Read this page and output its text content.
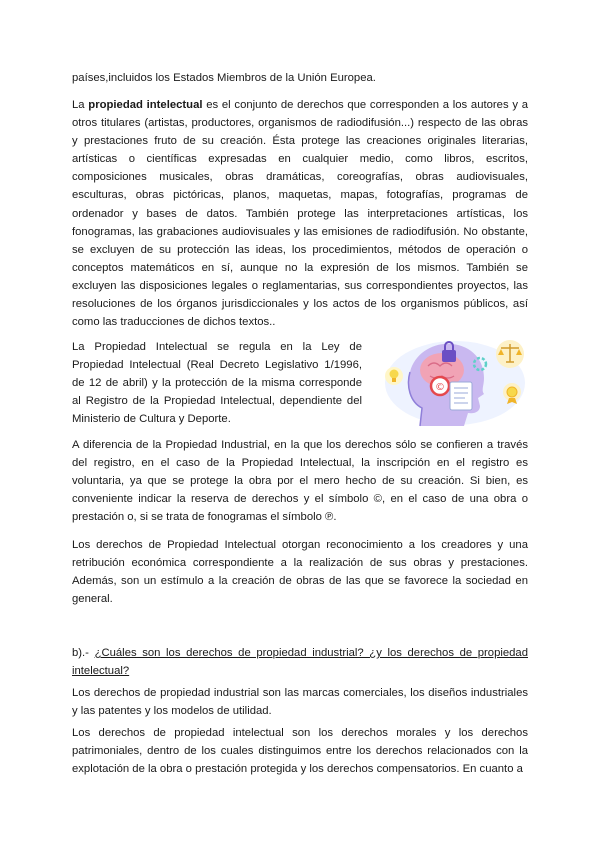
países,incluidos los Estados Miembros de la Unión Europea.

La propiedad intelectual es el conjunto de derechos que corresponden a los autores y a otros titulares (artistas, productores, organismos de radiodifusión...) respecto de las obras y prestaciones fruto de su creación. Ésta protege las creaciones originales literarias, artísticas o científicas expresadas en cualquier medio, como libros, escritos, composiciones musicales, obras dramáticas, coreografías, obras audiovisuales, esculturas, obras pictóricas, planos, maquetas, mapas, fotografías, programas de ordenador y bases de datos. También protege las interpretaciones artísticas, los fonogramas, las grabaciones audiovisuales y las emisiones de radiodifusión. No obstante, se excluyen de su protección las ideas, los procedimientos, métodos de operación o conceptos matemáticos en sí, aunque no la expresión de los mismos. También se excluyen las disposiciones legales o reglamentarias, sus correspondientes proyectos, las resoluciones de los órganos jurisdiccionales y los actos de los organismos públicos, así como las traducciones de dichos textos..

La Propiedad Intelectual se regula en la Ley de Propiedad Intelectual (Real Decreto Legislativo 1/1996, de 12 de abril) y la protección de la misma corresponde al Registro de la Propiedad Intelectual, dependiente del Ministerio de Cultura y Deporte.

©

A diferencia de la Propiedad Industrial, en la que los derechos sólo se confieren a través del registro, en el caso de la Propiedad Intelectual, la inscripción en el registro es voluntaria, ya que se protege la obra por el mero hecho de su creación. Si bien, es conveniente indicar la reserva de derechos y el símbolo ©, en el caso de una obra o prestación o, si se trata de fonogramas el símbolo ℗.

Los derechos de Propiedad Intelectual otorgan reconocimiento a los creadores y una retribución económica correspondiente a la realización de sus obras y prestaciones. Además, son un estímulo a la creación de obras de las que se favorece la sociedad en general.

b).- ¿Cuáles son los derechos de propiedad industrial? ¿y los derechos de propiedad intelectual?

Los derechos de propiedad industrial son las marcas comerciales, los diseños industriales y las patentes y los modelos de utilidad.

Los derechos de propiedad intelectual son los derechos morales y los derechos patrimoniales, dentro de los cuales distinguimos entre los derechos relacionados con la explotación de la obra o prestación protegida y los derechos compensatorios. En cuanto a
